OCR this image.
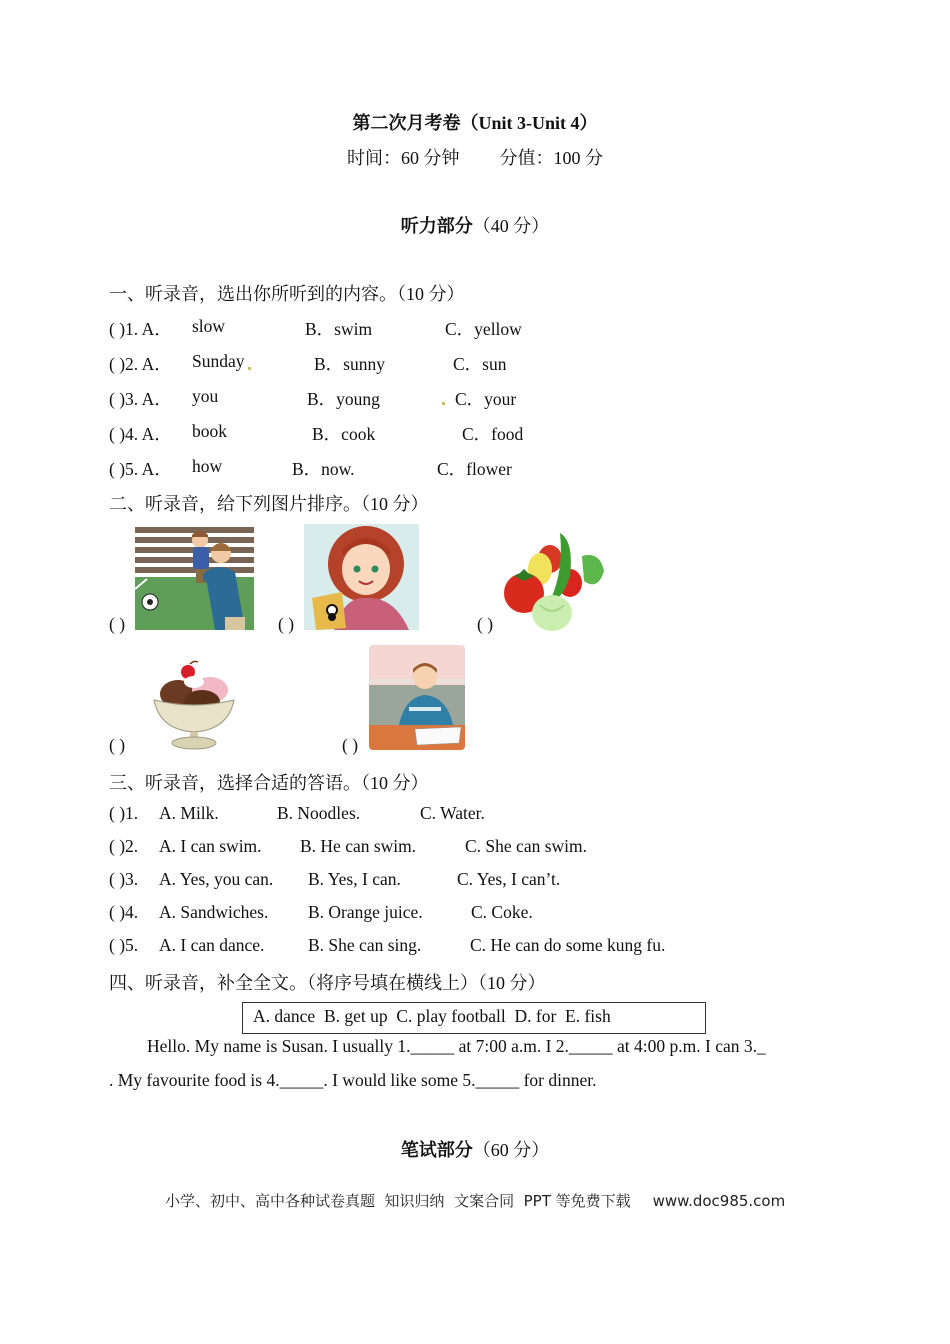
第二次月考卷（Unit 3-Unit 4）
时间：60 分钟 分值：100 分
听力部分（40 分）
一、听录音，选出你所听到的内容。（10 分）
( )1. A． slow	B．swim	C．yellow
( )2. A． Sunday	B．sunny	C．sun
( )3. A． you	B．young	C．your
( )4. A． book	B．cook	C．food
( )5. A． how	B．now.	C．flower
二、听录音，给下列图片排序。（10 分）
( )	( )	( )
( )	( )
三、听录音，选择合适的答语。（10 分）
( )1. A. Milk.	B. Noodles.	C. Water.
( )2. A. I can swim. B. He can swim.	C. She can swim.
( )3. A. Yes, you can. B. Yes, I can.	C. Yes, I can’t.
( )4. A. Sandwiches. B. Orange juice.	C. Coke.
( )5. A. I can dance. B. She can sing.	C. He can do some kung fu.
四、听录音，补全全文。（将序号填在横线上）（10 分）
A. dance  B. get up  C. play football  D. for  E. fish
Hello. My name is Susan. I usually 1._____ at 7:00 a.m. I 2._____ at 4:00 p.m. I can 3._
. My favourite food is 4._____. I would like some 5._____ for dinner.
笔试部分（60 分）
小学、初中、高中各种试卷真题  知识归纳  文案合同  PPT 等免费下载 www.doc985.com
